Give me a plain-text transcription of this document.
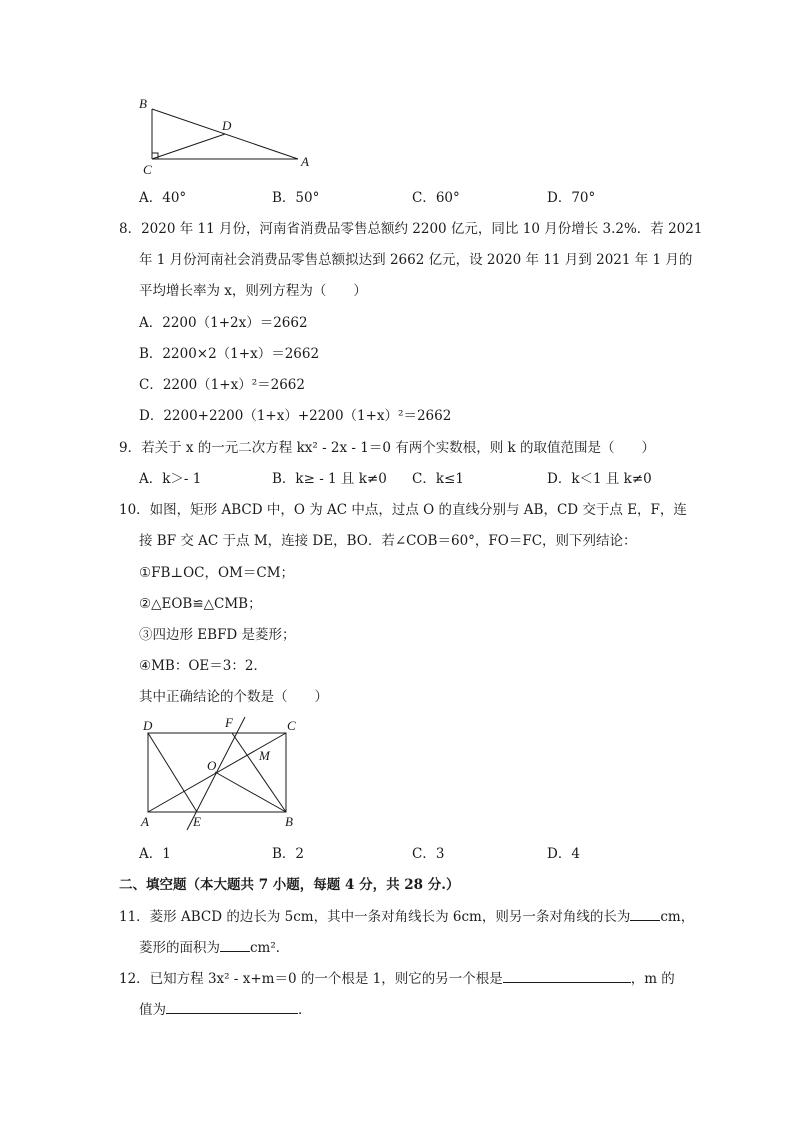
B
C
D
A
A．40°	B．50°	C．60°	D．70°
8．2020 年 11 月份，河南省消费品零售总额约 2200 亿元，同比 10 月份增长 3.2%．若 2021
年 1 月份河南社会消费品零售总额拟达到 2662 亿元，设 2020 年 11 月到 2021 年 1 月的
平均增长率为 x，则列方程为（　　）
A．2200（1+2x）＝2662
B．2200×2（1+x）＝2662
C．2200（1+x）²＝2662
D．2200+2200（1+x）+2200（1+x）²＝2662
9．若关于 x 的一元二次方程 kx² - 2x - 1＝0 有两个实数根，则 k 的取值范围是（　　）
A．k＞- 1	B．k≥ - 1 且 k≠0 C．k≤1	D．k＜1 且 k≠0
10．如图，矩形 ABCD 中，O 为 AC 中点，过点 O 的直线分别与 AB，CD 交于点 E，F，连
接 BF 交 AC 于点 M，连接 DE，BO．若∠COB＝60°，FO＝FC，则下列结论：
①FB⊥OC，OM＝CM；
②△EOB≌△CMB；
③四边形 EBFD 是菱形；
④MB：OE＝3：2．
其中正确结论的个数是（　　）
D	F	C
O
M
A	E	B
A．1	B．2	C．3	D．4
二、填空题（本大题共 7 小题，每题 4 分，共 28 分.）
11．菱形 ABCD 的边长为 5cm，其中一条对角线长为 6cm，则另一条对角线的长为 cm，
菱形的面积为 cm²．
12．已知方程 3x² - x+m＝0 的一个根是 1，则它的另一个根是	，m 的
值为	．
